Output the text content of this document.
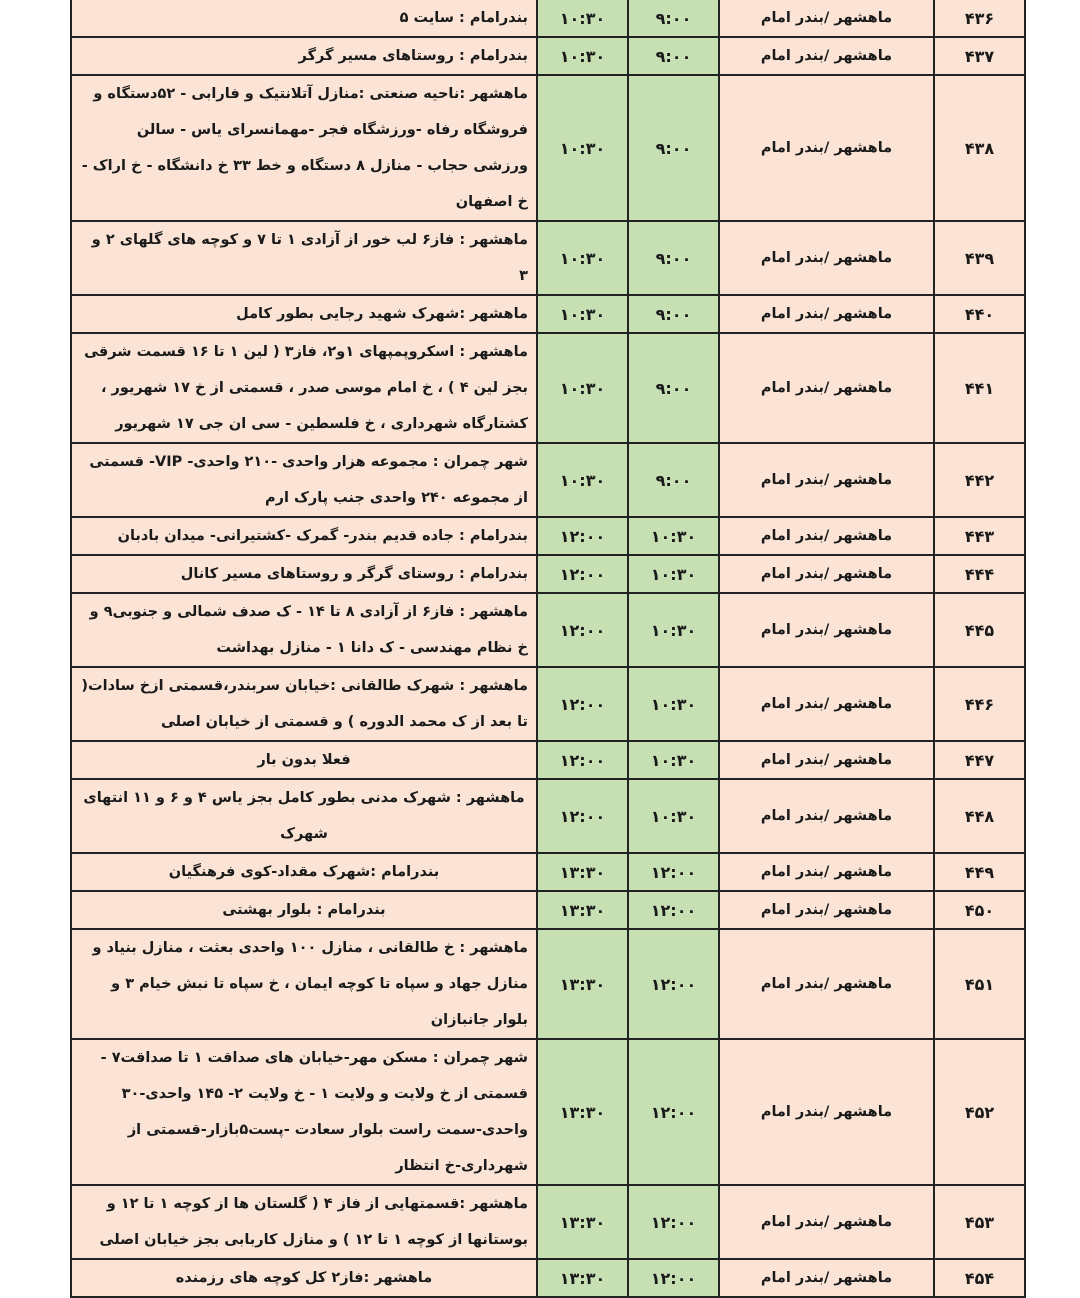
۴۳۶	ماهشهر /بندر امام	۹:۰۰	۱۰:۳۰	بندرامام : سایت ۵
۴۳۷	ماهشهر /بندر امام	۹:۰۰	۱۰:۳۰	بندرامام : روستاهای مسیر گرگر
۴۳۸	ماهشهر /بندر امام	۹:۰۰	۱۰:۳۰	ماهشهر :ناحیه صنعتی :منازل آتلانتیک و فارابی - ۵۲دستگاه و فروشگاه رفاه -ورزشگاه فجر -مهمانسرای یاس - سالن ورزشی حجاب - منازل ۸ دستگاه و خط ۳۳ خ دانشگاه - خ اراک - خ اصفهان
۴۳۹	ماهشهر /بندر امام	۹:۰۰	۱۰:۳۰	ماهشهر : فاز۶ لب خور از آزادی ۱ تا ۷ و کوچه های گلهای ۲ و ۳
۴۴۰	ماهشهر /بندر امام	۹:۰۰	۱۰:۳۰	ماهشهر :شهرک شهید رجایی بطور کامل
۴۴۱	ماهشهر /بندر امام	۹:۰۰	۱۰:۳۰	ماهشهر : اسکروپمپهای ۱و۲، فاز۳ ( لین ۱ تا ۱۶ قسمت شرقی بجز لین ۴ ) ، خ امام موسی صدر ، قسمتی از خ ۱۷ شهریور ، کشتارگاه شهرداری ، خ فلسطین - سی ان جی ۱۷ شهریور
۴۴۲	ماهشهر /بندر امام	۹:۰۰	۱۰:۳۰	شهر چمران : مجموعه هزار واحدی -۲۱۰ واحدی- VIP- قسمتی از مجموعه ۲۴۰ واحدی جنب پارک ارم
۴۴۳	ماهشهر /بندر امام	۱۰:۳۰	۱۲:۰۰	بندرامام : جاده قدیم بندر- گمرک -کشتیرانی- میدان بادبان
۴۴۴	ماهشهر /بندر امام	۱۰:۳۰	۱۲:۰۰	بندرامام : روستای گرگر و روستاهای مسیر کانال
۴۴۵	ماهشهر /بندر امام	۱۰:۳۰	۱۲:۰۰	ماهشهر : فاز۶ از آزادی ۸ تا ۱۴ - ک صدف شمالی و جنوبی۹ و خ نظام مهندسی - ک دانا ۱ - منازل بهداشت
۴۴۶	ماهشهر /بندر امام	۱۰:۳۰	۱۲:۰۰	ماهشهر : شهرک طالقانی :خیابان سربندر،قسمتی ازخ سادات( تا بعد از ک محمد الدوره ) و قسمتی از خیابان اصلی
۴۴۷	ماهشهر /بندر امام	۱۰:۳۰	۱۲:۰۰	فعلا بدون بار
۴۴۸	ماهشهر /بندر امام	۱۰:۳۰	۱۲:۰۰	ماهشهر : شهرک مدنی بطور کامل بجز یاس ۴ و ۶ و ۱۱ انتهای شهرک
۴۴۹	ماهشهر /بندر امام	۱۲:۰۰	۱۳:۳۰	بندرامام :شهرک مقداد-کوی فرهنگیان
۴۵۰	ماهشهر /بندر امام	۱۲:۰۰	۱۳:۳۰	بندرامام : بلوار بهشتی
۴۵۱	ماهشهر /بندر امام	۱۲:۰۰	۱۳:۳۰	ماهشهر : خ طالقانی ، منازل ۱۰۰ واحدی بعثت ، منازل بنیاد و منازل جهاد و سپاه تا کوچه ایمان ، خ سپاه تا نبش خیام ۳ و بلوار جانبازان
۴۵۲	ماهشهر /بندر امام	۱۲:۰۰	۱۳:۳۰	شهر چمران : مسکن مهر-خیابان های صداقت ۱ تا صداقت۷ - قسمتی از خ ولایت و ولایت ۱ - خ ولایت ۲- ۱۴۵ واحدی-۳۰ واحدی-سمت راست بلوار سعادت -پست۵بازار-قسمتی از شهرداری-خ انتظار
۴۵۳	ماهشهر /بندر امام	۱۲:۰۰	۱۳:۳۰	ماهشهر :قسمتهایی از فاز ۴ ( گلستان ها از کوچه ۱ تا ۱۲ و بوستانها از کوچه ۱ تا ۱۲ ) و منازل کاربابی بجز خیابان اصلی
۴۵۴	ماهشهر /بندر امام	۱۲:۰۰	۱۳:۳۰	ماهشهر :فاز۲ کل کوچه های رزمنده
